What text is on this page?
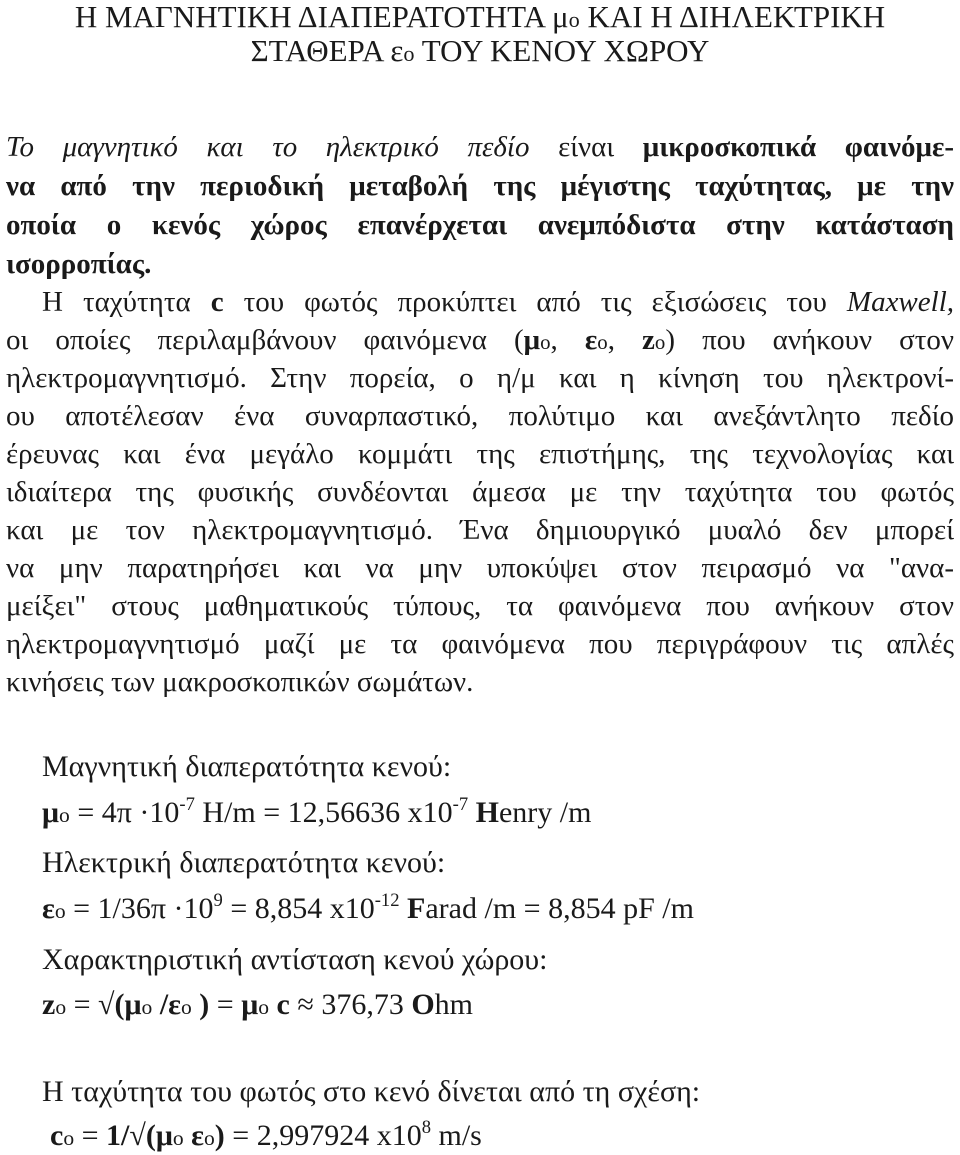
Η ΜΑΓΝΗΤΙΚΗ ΔΙΑΠΕΡΑΤΟΤΗΤΑ μο ΚΑΙ Η ΔΙΗΛΕΚΤΡΙΚΗ
ΣΤΑΘΕΡΑ εο ΤΟΥ ΚΕΝΟΥ ΧΩΡΟΥ
Το μαγνητικό και το ηλεκτρικό πεδίο είναι μικροσκοπικά φαινόμε-
να από την περιοδική μεταβολή της μέγιστης ταχύτητας, με την
οποία ο κενός χώρος επανέρχεται ανεμπόδιστα στην κατάσταση
ισορροπίας.
Η ταχύτητα c του φωτός προκύπτει από τις εξισώσεις του Maxwell,
οι οποίες περιλαμβάνουν φαινόμενα (μο, εο, zο) που ανήκουν στον
ηλεκτρομαγνητισμό. Στην πορεία, ο η/μ και η κίνηση του ηλεκτρονί-
ου αποτέλεσαν ένα συναρπαστικό, πολύτιμο και ανεξάντλητο πεδίο
έρευνας και ένα μεγάλο κομμάτι της επιστήμης, της τεχνολογίας και
ιδιαίτερα της φυσικής συνδέονται άμεσα με την ταχύτητα του φωτός
και με τον ηλεκτρομαγνητισμό. Ένα δημιουργικό μυαλό δεν μπορεί
να μην παρατηρήσει και να μην υποκύψει στον πειρασμό να "ανα-
μείξει" στους μαθηματικούς τύπους, τα φαινόμενα που ανήκουν στον
ηλεκτρομαγνητισμό μαζί με τα φαινόμενα που περιγράφουν τις απλές
κινήσεις των μακροσκοπικών σωμάτων.
Μαγνητική διαπερατότητα κενού:
$\mu o = 4\pi \cdot 10^{-7}$ H/m = 12,56636 $x10^{-7}$ Henry /m
Ηλεκτρική διαπερατότητα κενού:
$\varepsilon o = 1/36\pi \cdot 10^9 = 8,854$ $x10^{-12}$ Farad /m = 8,854 pF /m
Χαρακτηριστική αντίσταση κενού χώρου:
zο = √(μο /εο ) = μο c ≈ 376,73 Ohm
Η ταχύτητα του φωτός στο κενό δίνεται από τη σχέση:
cο = 1/√(μο εο) = 2,997924 $x10^8$ m/s
